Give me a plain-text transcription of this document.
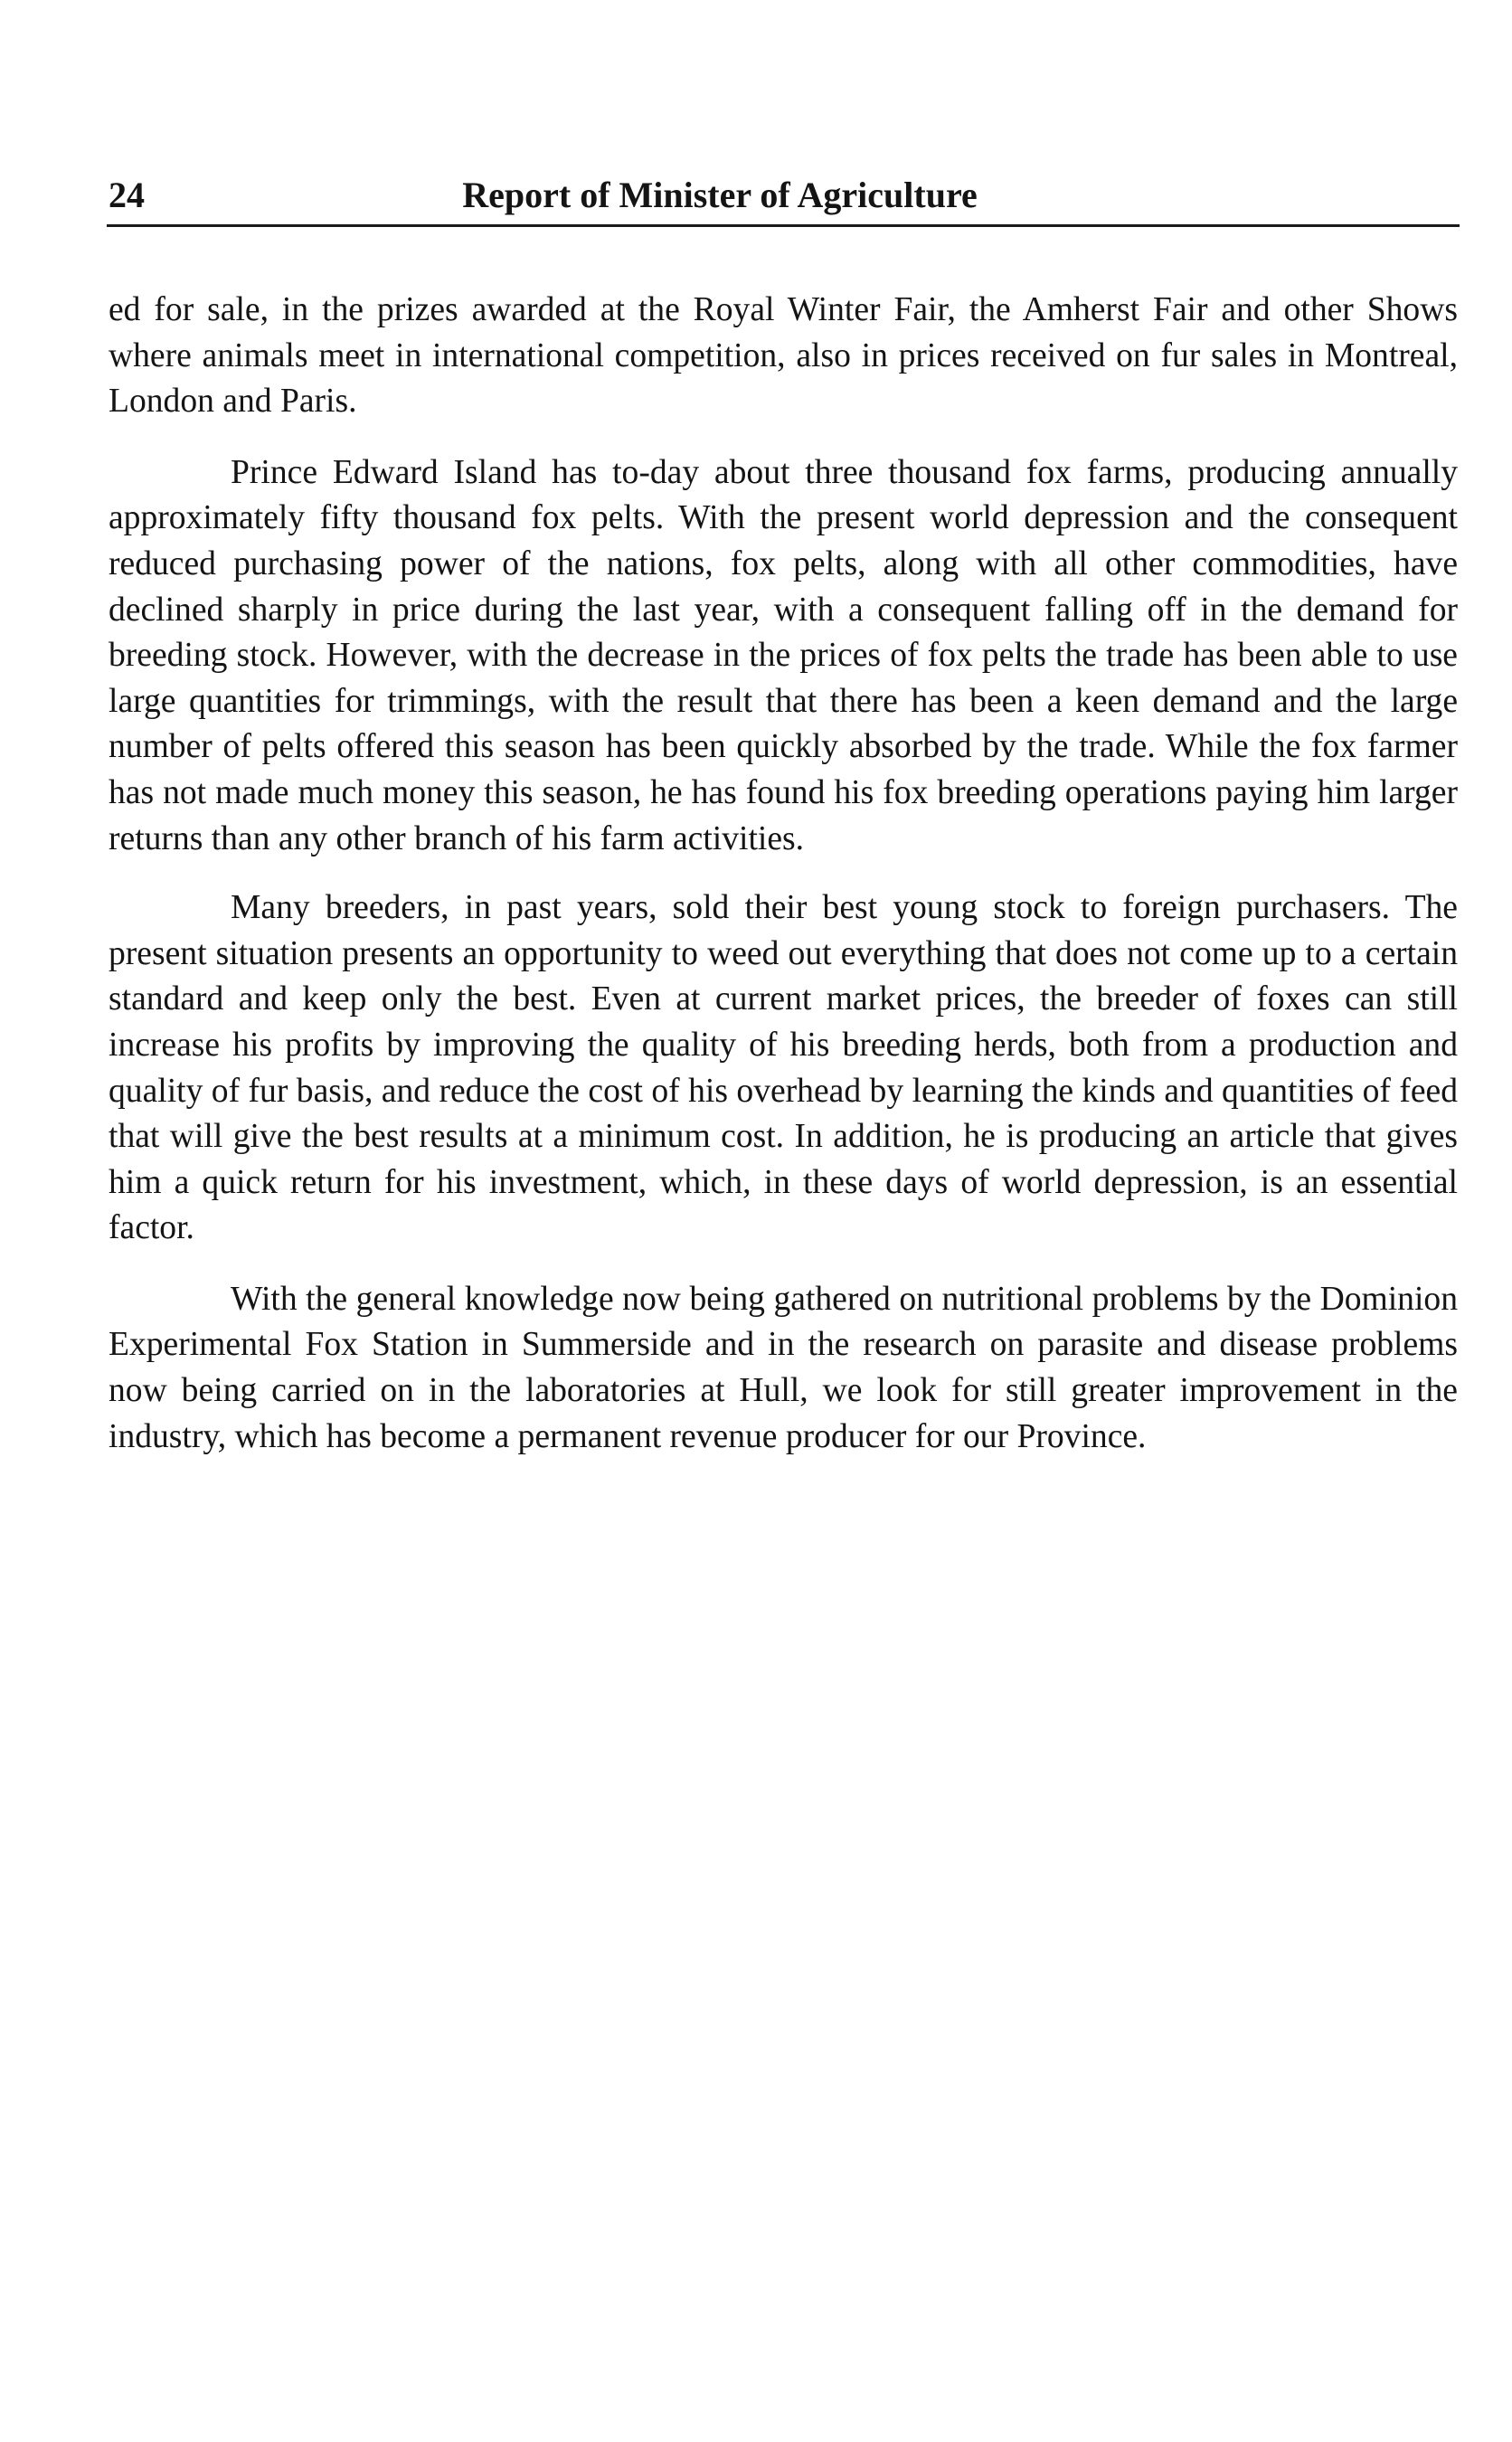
24	Report of Minister of Agriculture

ed for sale, in the prizes awarded at the Royal Winter Fair, the Amherst Fair and other Shows where animals meet in international competition, also in prices received on fur sales in Montreal, London and Paris.

Prince Edward Island has to-day about three thousand fox farms, producing annually approximately fifty thousand fox pelts. With the present world depression and the consequent reduced purchasing power of the nations, fox pelts, along with all other commodities, have declined sharply in price during the last year, with a consequent falling off in the demand for breeding stock. However, with the decrease in the prices of fox pelts the trade has been able to use large quantities for trimmings, with the result that there has been a keen demand and the large number of pelts offered this season has been quickly absorbed by the trade. While the fox farmer has not made much money this season, he has found his fox breeding operations paying him larger returns than any other branch of his farm activities.

Many breeders, in past years, sold their best young stock to foreign purchasers. The present situation presents an opportunity to weed out everything that does not come up to a certain standard and keep only the best. Even at current market prices, the breeder of foxes can still increase his profits by improving the quality of his breeding herds, both from a production and quality of fur basis, and reduce the cost of his overhead by learning the kinds and quantities of feed that will give the best results at a minimum cost. In addition, he is producing an article that gives him a quick return for his investment, which, in these days of world depression, is an essential factor.

With the general knowledge now being gathered on nutritional problems by the Dominion Experimental Fox Station in Summerside and in the research on parasite and disease problems now being carried on in the laboratories at Hull, we look for still greater improvement in the industry, which has become a permanent revenue producer for our Province.
